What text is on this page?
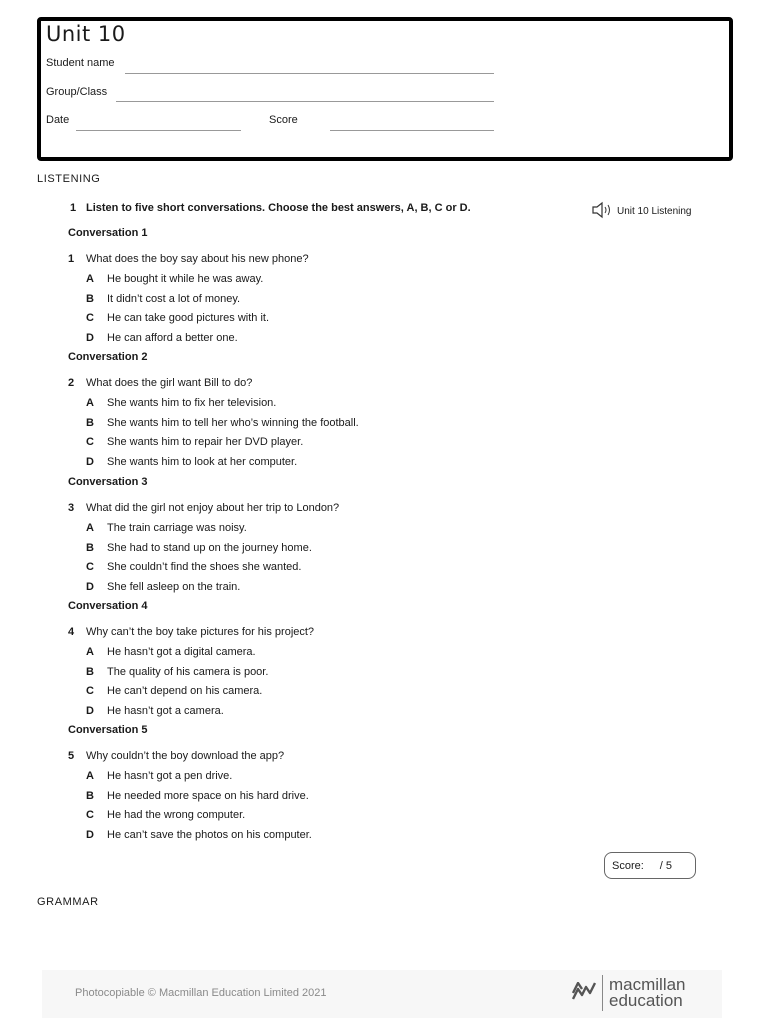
Unit 10
Student name
Group/Class
Date	Score
LISTENING
1 Listen to five short conversations. Choose the best answers, A, B, C or D.	Unit 10 Listening
Conversation 1
1	What does the boy say about his new phone?
A	He bought it while he was away.
B	It didn’t cost a lot of money.
C	He can take good pictures with it.
D	He can afford a better one.
Conversation 2
2	What does the girl want Bill to do?
A	She wants him to fix her television.
B	She wants him to tell her who’s winning the football.
C	She wants him to repair her DVD player.
D	She wants him to look at her computer.
Conversation 3
3	What did the girl not enjoy about her trip to London?
A	The train carriage was noisy.
B	She had to stand up on the journey home.
C	She couldn’t find the shoes she wanted.
D	She fell asleep on the train.
Conversation 4
4	Why can’t the boy take pictures for his project?
A	He hasn’t got a digital camera.
B	The quality of his camera is poor.
C	He can’t depend on his camera.
D	He hasn’t got a camera.
Conversation 5
5	Why couldn’t the boy download the app?
A	He hasn’t got a pen drive.
B	He needed more space on his hard drive.
C	He had the wrong computer.
D	He can’t save the photos on his computer.
Score: / 5
GRAMMAR
Photocopiable © Macmillan Education Limited 2021	macmillan
education
